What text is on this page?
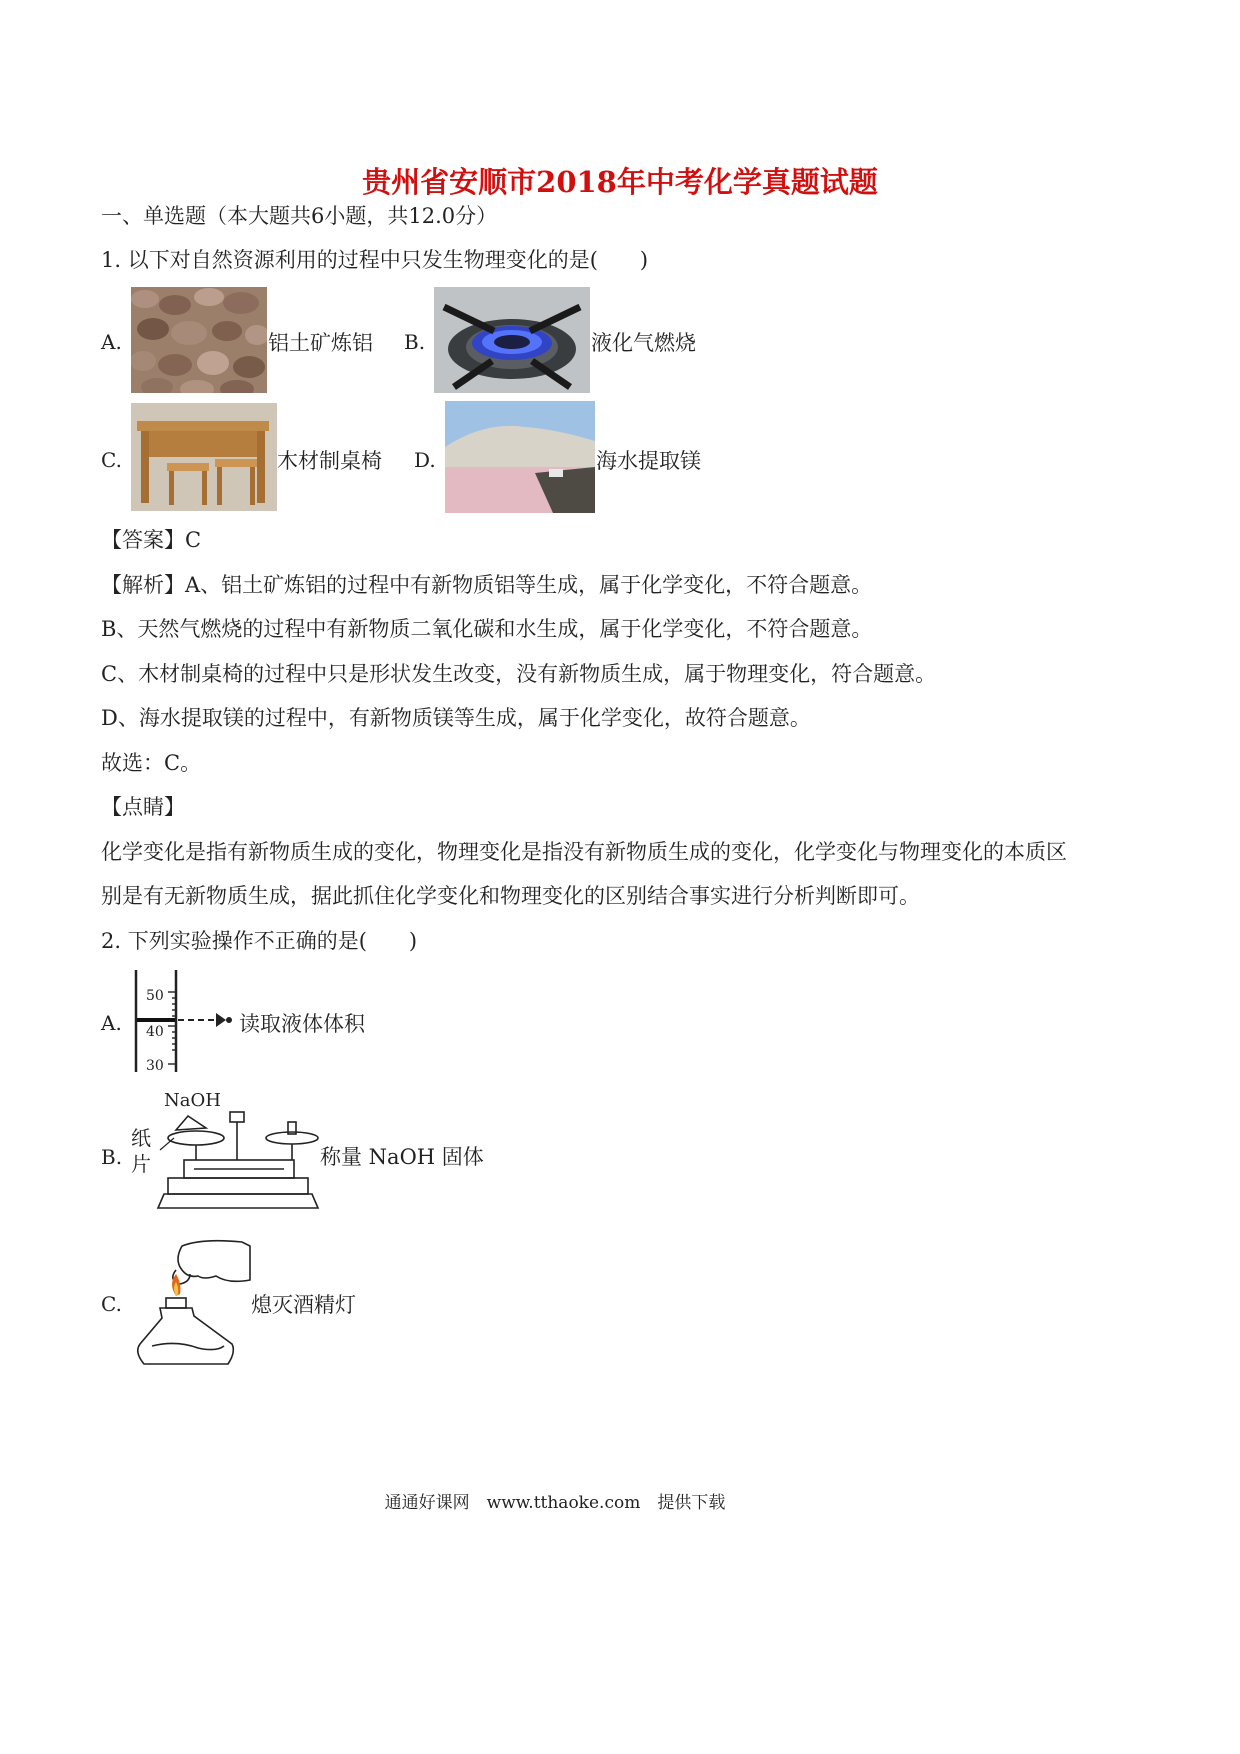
贵州省安顺市2018年中考化学真题试题
一、单选题（本大题共6小题，共12.0分）
1. 以下对自然资源利用的过程中只发生物理变化的是(　　)
A.	铝土矿炼铝 B.	液化气燃烧
C.	木材制桌椅 D.	海水提取镁
【答案】C
【解析】A、铝土矿炼铝的过程中有新物质铝等生成，属于化学变化，不符合题意。
B、天然气燃烧的过程中有新物质二氧化碳和水生成，属于化学变化，不符合题意。
C、木材制桌椅的过程中只是形状发生改变，没有新物质生成，属于物理变化，符合题意。
D、海水提取镁的过程中，有新物质镁等生成，属于化学变化，故符合题意。
故选：C。
【点睛】
化学变化是指有新物质生成的变化，物理变化是指没有新物质生成的变化，化学变化与物理变化的本质区
别是有无新物质生成，据此抓住化学变化和物理变化的区别结合事实进行分析判断即可。
2. 下列实验操作不正确的是(　　)
A.
50
40
30
读取液体体积
B.
NaOH
纸
片	称量 NaOH 固体
C.	熄灭酒精灯
通通好课网　www.tthaoke.com　提供下载
